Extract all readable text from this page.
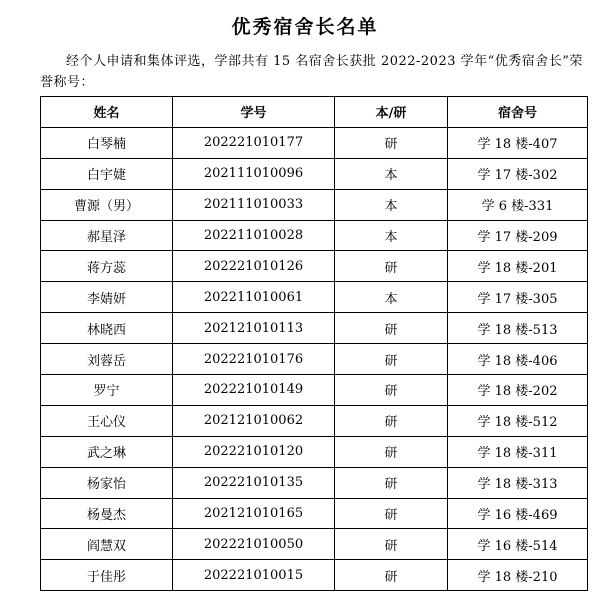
优秀宿舍长名单
经个人申请和集体评选，学部共有 15 名宿舍长获批 2022-2023 学年“优秀宿舍长”荣誉称号：
姓名	学号	本/研	宿舍号
白琴楠	202221010177	研	学 18 楼-407
白宇婕	202111010096	本	学 17 楼-302
曹源（男）	202111010033	本	学 6 楼-331
郝星泽	202211010028	本	学 17 楼-209
蒋方蕊	202221010126	研	学 18 楼-201
李婧妍	202211010061	本	学 17 楼-305
林晓西	202121010113	研	学 18 楼-513
刘蓉岳	202221010176	研	学 18 楼-406
罗宁	202221010149	研	学 18 楼-202
王心仪	202121010062	研	学 18 楼-512
武之琳	202221010120	研	学 18 楼-311
杨家怡	202221010135	研	学 18 楼-313
杨曼杰	202121010165	研	学 16 楼-469
阎慧双	202221010050	研	学 16 楼-514
于佳彤	202221010015	研	学 18 楼-210
